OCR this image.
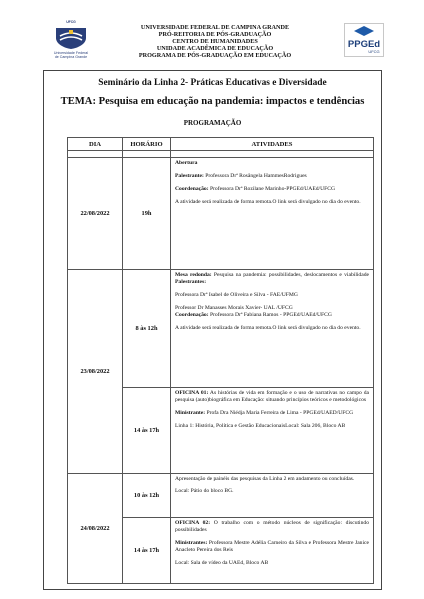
UFCG
Universidade Federal
de Campina Grande
UNIVERSIDADE FEDERAL DE CAMPINA GRANDE
PRÓ-REITORIA DE PÓS-GRADUAÇÃO
CENTRO DE HUMANIDADES
UNIDADE ACADÊMICA DE EDUCAÇÃO
PROGRAMA DE PÓS-GRADUAÇÃO EM EDUCAÇÃO
PPGEd
UFCG
Seminário da Linha 2- Práticas Educativas e Diversidade
TEMA: Pesquisa em educação na pandemia: impactos e tendências
PROGRAMAÇÃO
DIA	HORÁRIO	ATIVIDADES

22/08/2022	19h	Abertura

Palestrante: Professora Drª Rosângela HammesRodrigues

Coordenação: Professora Drª Rozilane Marinho-PPGEd/UAEd/UFCG

A atividade será realizada de forma remota.O link será divulgado no dia do evento.

23/08/2022	8 às 12h	Mesa redonda: Pesquisa na pandemia: possibilidades, deslocamentos e viabilidade Palestrantes:

Professora Drª Isabel de Oliveira e Silva - FAE/UFMG

Professor Dr Manasses Morais Xavier- UAL /UFCG

Coordenação: Professora Drª Fabiana Ramos - PPGEd/UAEd/UFCG

A atividade será realizada de forma remota.O link será divulgado no dia do evento.

	14 às 17h	OFICINA 01: As histórias de vida em formação e o uso de narrativas no campo da pesquisa (auto)biográfica em Educação: situando princípios teóricos e metodológicos

Ministrante: Profa Dra Niédja Maria Ferreira de Lima - PPGEd/UAED/UFCG

Linha 1: História, Política e Gestão EducacionaisLocal: Sala 206, Bloco AB

24/08/2022	10 às 12h	Apresentação de painéis das pesquisas da Linha 2 em andamento ou concluídas.

Local: Pátio do bloco BG.

	14 às 17h	OFICINA 02: O trabalho com o método núcleos de significação: discutindo possibilidades

Ministrantes: Professora Mestre Adélia Carneiro da Silva e Professora Mestre Janice Anacleto Pereira dos Reis

Local: Sala de vídeo da UAEd, Bloco AB
